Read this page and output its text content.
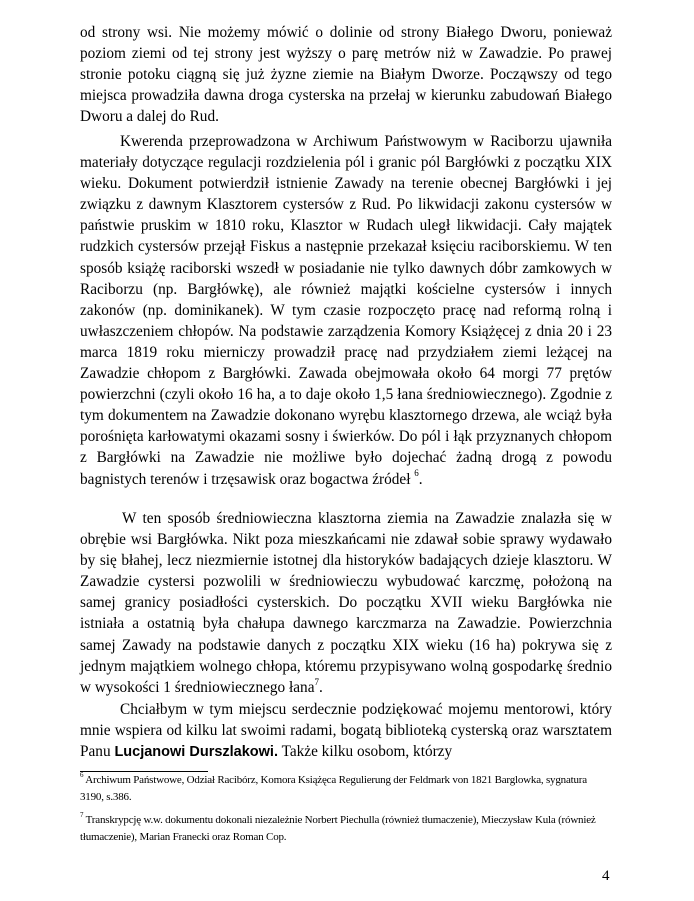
od strony wsi. Nie możemy mówić o dolinie od strony Białego Dworu, ponieważ poziom ziemi od tej strony jest wyższy o parę metrów niż w Zawadzie. Po prawej stronie potoku ciągną się już żyzne ziemie na Białym Dworze. Począwszy od tego miejsca prowadziła dawna droga cysterska na przełaj w kierunku zabudowań Białego Dworu a dalej do Rud.

Kwerenda przeprowadzona w Archiwum Państwowym w Raciborzu ujawniła materiały dotyczące regulacji rozdzielenia pól i granic pól Bargłówki z początku XIX wieku. Dokument potwierdził istnienie Zawady na terenie obecnej Bargłówki i jej związku z dawnym Klasztorem cystersów z Rud. Po likwidacji zakonu cystersów w państwie pruskim w 1810 roku, Klasztor w Rudach uległ likwidacji. Cały majątek rudzkich cystersów przejął Fiskus a następnie przekazał księciu raciborskiemu. W ten sposób książę raciborski wszedł w posiadanie nie tylko dawnych dóbr zamkowych w Raciborzu (np. Bargłówkę), ale również majątki kościelne cystersów i innych zakonów (np. dominikanek). W tym czasie rozpoczęto pracę nad reformą rolną i uwłaszczeniem chłopów. Na podstawie zarządzenia Komory Książęcej z dnia 20 i 23 marca 1819 roku mierniczy prowadził pracę nad przydziałem ziemi leżącej na Zawadzie chłopom z Bargłówki. Zawada obejmowała około 64 morgi 77 prętów powierzchni (czyli około 16 ha, a to daje około 1,5 łana średniowiecznego). Zgodnie z tym dokumentem na Zawadzie dokonano wyrębu klasztornego drzewa, ale wciąż była porośnięta karłowatymi okazami sosny i świerków. Do pól i łąk przyznanych chłopom z Bargłówki na Zawadzie nie możliwe było dojechać żadną drogą z powodu bagnistych terenów i trzęsawisk oraz bogactwa źródeł $^6$.

W ten sposób średniowieczna klasztorna ziemia na Zawadzie znalazła się w obrębie wsi Bargłówka. Nikt poza mieszkańcami nie zdawał sobie sprawy wydawało by się błahej, lecz niezmiernie istotnej dla historyków badających dzieje klasztoru. W Zawadzie cystersi pozwolili w średniowieczu wybudować karczmę, położoną na samej granicy posiadłości cysterskich. Do początku XVII wieku Bargłówka nie istniała a ostatnią była chałupa dawnego karczmarza na Zawadzie. Powierzchnia samej Zawady na podstawie danych z początku XIX wieku (16 ha) pokrywa się z jednym majątkiem wolnego chłopa, któremu przypisywano wolną gospodarkę średnio w wysokości 1 średniowiecznego łana$^7$.

Chciałbym w tym miejscu serdecznie podziękować mojemu mentorowi, który mnie wspiera od kilku lat swoimi radami, bogatą biblioteką cysterską oraz warsztatem Panu Lucjanowi Durszlakowi. Także kilku osobom, którzy

$^6$ Archiwum Państwowe, Odział Racibórz, Komora Książęca Regulierung der Feldmark von 1821 Barglowka, sygnatura 3190, s.386.

$^7$ Transkrypcję w.w. dokumentu dokonali niezależnie Norbert Piechulla (również tłumaczenie), Mieczysław Kula (również tłumaczenie), Marian Franecki oraz Roman Cop.

4
